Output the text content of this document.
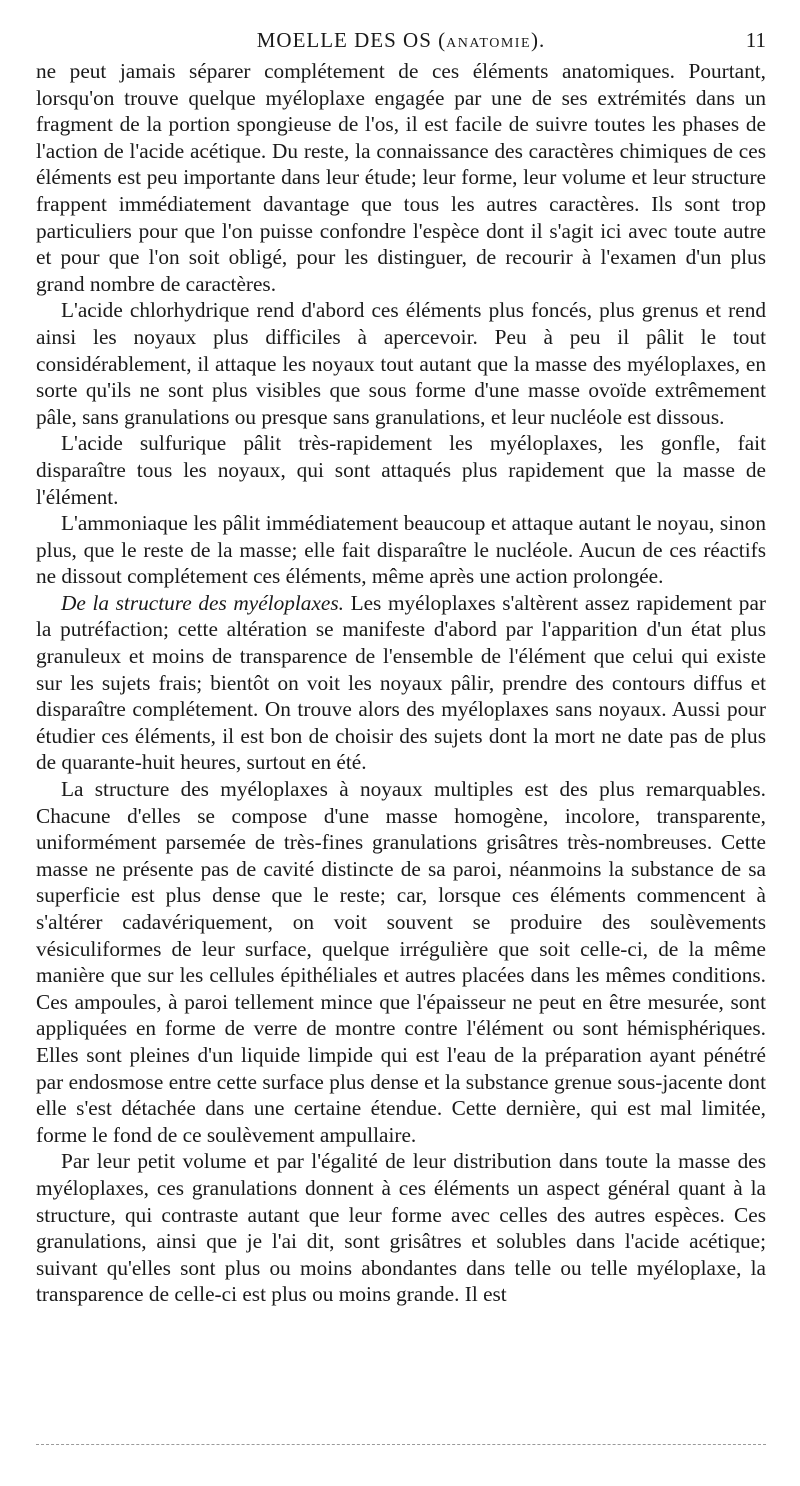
MOELLE DES OS (ANATOMIE).	11

ne peut jamais séparer complétement de ces éléments anatomiques. Pourtant, lorsqu'on trouve quelque myéloplaxe engagée par une de ses extrémités dans un fragment de la portion spongieuse de l'os, il est facile de suivre toutes les phases de l'action de l'acide acétique. Du reste, la connaissance des caractères chimiques de ces éléments est peu importante dans leur étude; leur forme, leur volume et leur structure frappent immédiatement davantage que tous les autres caractères. Ils sont trop particuliers pour que l'on puisse confondre l'espèce dont il s'agit ici avec toute autre et pour que l'on soit obligé, pour les distinguer, de recourir à l'examen d'un plus grand nombre de caractères.

L'acide chlorhydrique rend d'abord ces éléments plus foncés, plus grenus et rend ainsi les noyaux plus difficiles à apercevoir. Peu à peu il pâlit le tout considérablement, il attaque les noyaux tout autant que la masse des myéloplaxes, en sorte qu'ils ne sont plus visibles que sous forme d'une masse ovoïde extrêmement pâle, sans granulations ou presque sans granulations, et leur nucléole est dissous.

L'acide sulfurique pâlit très-rapidement les myéloplaxes, les gonfle, fait disparaître tous les noyaux, qui sont attaqués plus rapidement que la masse de l'élément.

L'ammoniaque les pâlit immédiatement beaucoup et attaque autant le noyau, sinon plus, que le reste de la masse; elle fait disparaître le nucléole. Aucun de ces réactifs ne dissout complétement ces éléments, même après une action prolongée.

De la structure des myéloplaxes. Les myéloplaxes s'altèrent assez rapidement par la putréfaction; cette altération se manifeste d'abord par l'apparition d'un état plus granuleux et moins de transparence de l'ensemble de l'élément que celui qui existe sur les sujets frais; bientôt on voit les noyaux pâlir, prendre des contours diffus et disparaître complétement. On trouve alors des myéloplaxes sans noyaux. Aussi pour étudier ces éléments, il est bon de choisir des sujets dont la mort ne date pas de plus de quarante-huit heures, surtout en été.

La structure des myéloplaxes à noyaux multiples est des plus remarquables. Chacune d'elles se compose d'une masse homogène, incolore, transparente, uniformément parsemée de très-fines granulations grisâtres très-nombreuses. Cette masse ne présente pas de cavité distincte de sa paroi, néanmoins la substance de sa superficie est plus dense que le reste; car, lorsque ces éléments commencent à s'altérer cadavériquement, on voit souvent se produire des soulèvements vésiculiformes de leur surface, quelque irrégulière que soit celle-ci, de la même manière que sur les cellules épithéliales et autres placées dans les mêmes conditions. Ces ampoules, à paroi tellement mince que l'épaisseur ne peut en être mesurée, sont appliquées en forme de verre de montre contre l'élément ou sont hémisphériques. Elles sont pleines d'un liquide limpide qui est l'eau de la préparation ayant pénétré par endosmose entre cette surface plus dense et la substance grenue sous-jacente dont elle s'est détachée dans une certaine étendue. Cette dernière, qui est mal limitée, forme le fond de ce soulèvement ampullaire.

Par leur petit volume et par l'égalité de leur distribution dans toute la masse des myéloplaxes, ces granulations donnent à ces éléments un aspect général quant à la structure, qui contraste autant que leur forme avec celles des autres espèces. Ces granulations, ainsi que je l'ai dit, sont grisâtres et solubles dans l'acide acétique; suivant qu'elles sont plus ou moins abondantes dans telle ou telle myéloplaxe, la transparence de celle-ci est plus ou moins grande. Il est
